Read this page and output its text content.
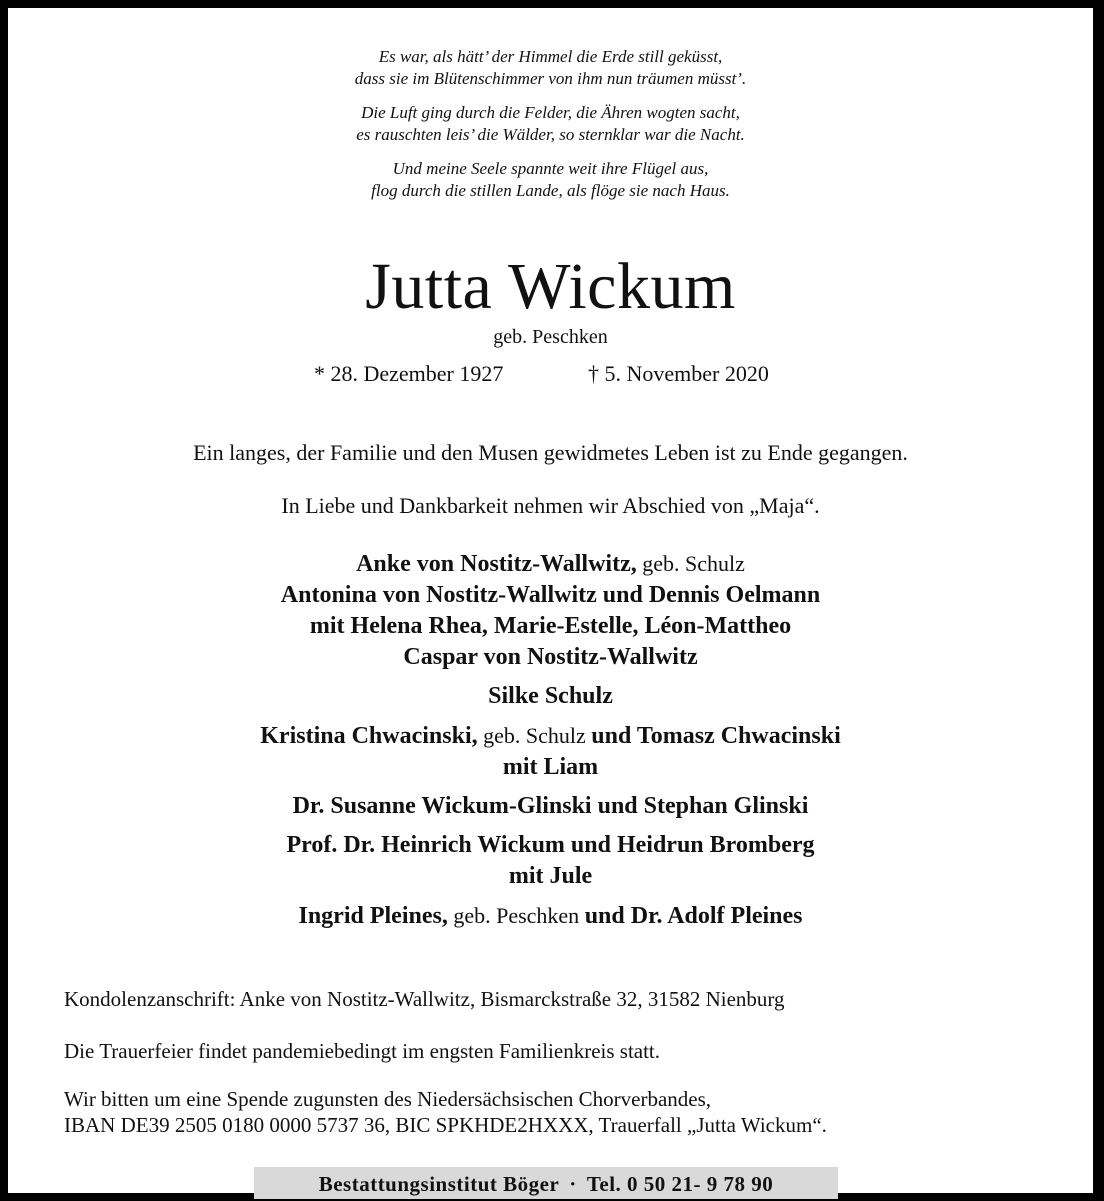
Es war, als hätt’ der Himmel die Erde still geküsst,
dass sie im Blütenschimmer von ihm nun träumen müsst’.
Die Luft ging durch die Felder, die Ähren wogten sacht,
es rauschten leis’ die Wälder, so sternklar war die Nacht.
Und meine Seele spannte weit ihre Flügel aus,
flog durch die stillen Lande, als flöge sie nach Haus.
Jutta Wickum
geb. Peschken
* 28. Dezember 1927	† 5. November 2020
Ein langes, der Familie und den Musen gewidmetes Leben ist zu Ende gegangen.
In Liebe und Dankbarkeit nehmen wir Abschied von „Maja“.
Anke von Nostitz-Wallwitz, geb. Schulz
Antonina von Nostitz-Wallwitz und Dennis Oelmann
mit Helena Rhea, Marie-Estelle, Léon-Mattheo
Caspar von Nostitz-Wallwitz
Silke Schulz
Kristina Chwacinski, geb. Schulz und Tomasz Chwacinski
mit Liam
Dr. Susanne Wickum-Glinski und Stephan Glinski
Prof. Dr. Heinrich Wickum und Heidrun Bromberg
mit Jule
Ingrid Pleines, geb. Peschken und Dr. Adolf Pleines
Kondolenzanschrift: Anke von Nostitz-Wallwitz, Bismarckstraße 32, 31582 Nienburg
Die Trauerfeier findet pandemiebedingt im engsten Familienkreis statt.
Wir bitten um eine Spende zugunsten des Niedersächsischen Chorverbandes,
IBAN DE39 2505 0180 0000 5737 36, BIC SPKHDE2HXXX, Trauerfall „Jutta Wickum“.
Bestattungsinstitut Böger · Tel. 0 50 21- 9 78 90
